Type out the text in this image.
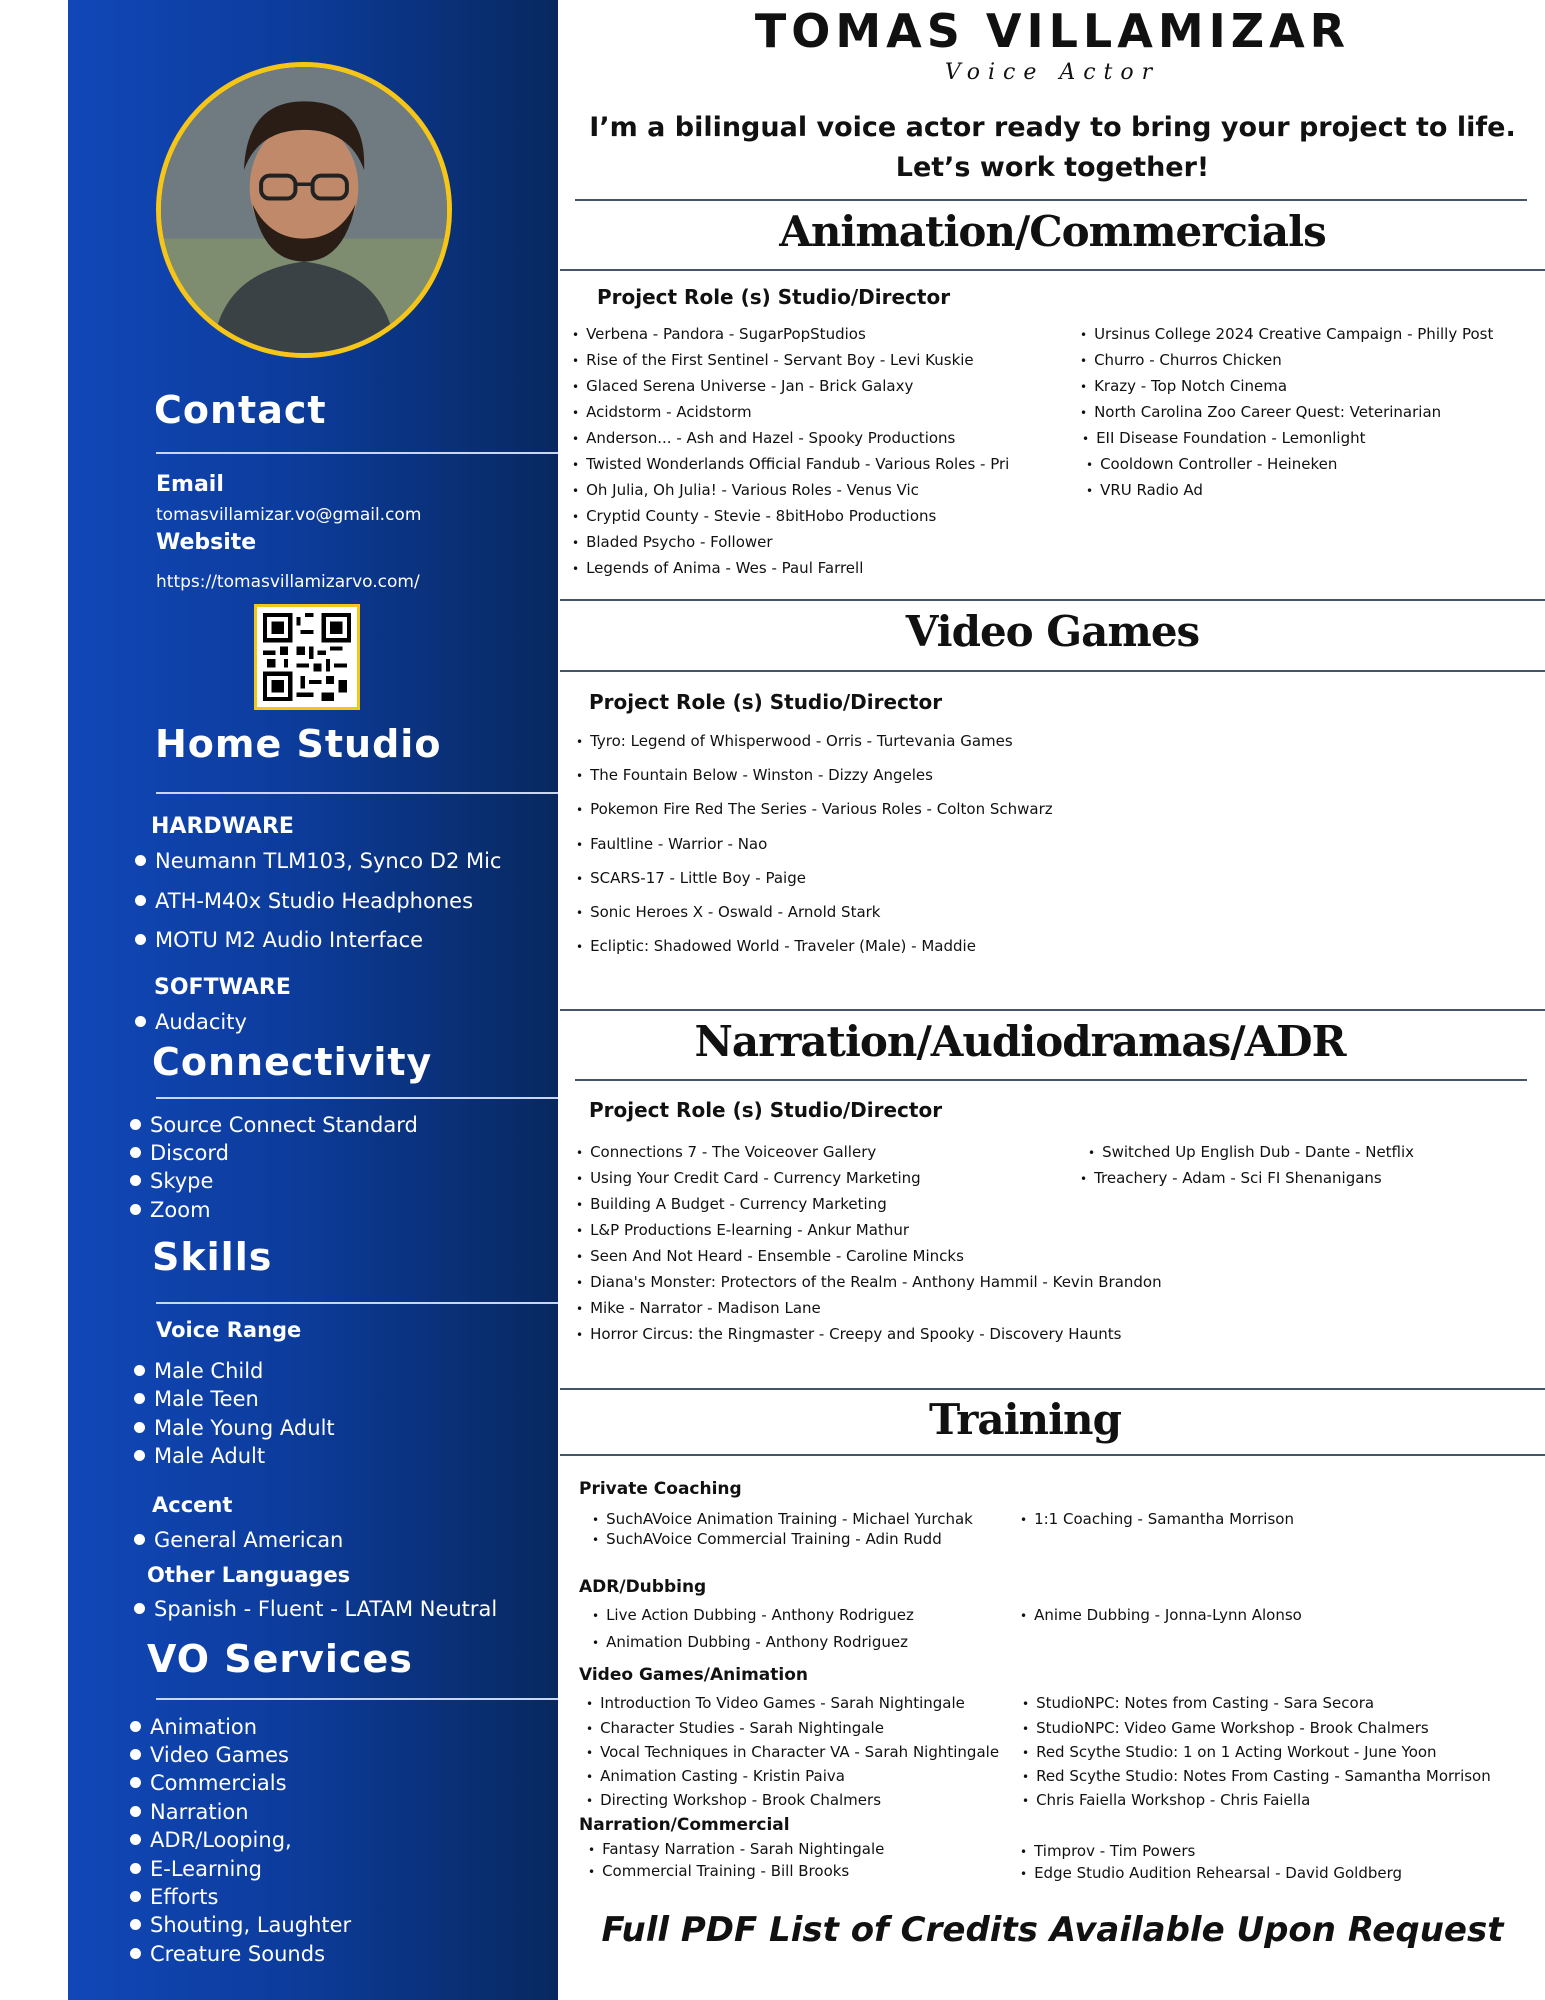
Contact
Email
tomasvillamizar.vo@gmail.com
Website
https://tomasvillamizarvo.com/
Home Studio
HARDWARE
Neumann TLM103, Synco D2 Mic
ATH-M40x Studio Headphones
MOTU M2 Audio Interface
SOFTWARE
Audacity
Connectivity
Source Connect Standard
Discord
Skype
Zoom
Skills
Voice Range
Male Child
Male Teen
Male Young Adult
Male Adult
Accent
General American
Other Languages
Spanish - Fluent - LATAM Neutral
VO Services
Animation
Video Games
Commercials
Narration
ADR/Looping,
E-Learning
Efforts
Shouting, Laughter
Creature Sounds
TOMAS VILLAMIZAR
Voice Actor
I’m a bilingual voice actor ready to bring your project to life.
Let’s work together!
Animation/Commercials
Project Role (s) Studio/Director
• Verbena - Pandora - SugarPopStudios
• Rise of the First Sentinel - Servant Boy - Levi Kuskie
• Glaced Serena Universe - Jan - Brick Galaxy
• Acidstorm - Acidstorm
• Anderson... - Ash and Hazel - Spooky Productions
• Twisted Wonderlands Official Fandub - Various Roles - Pri
• Oh Julia, Oh Julia! - Various Roles - Venus Vic
• Cryptid County - Stevie - 8bitHobo Productions
• Bladed Psycho - Follower
• Legends of Anima - Wes - Paul Farrell
• Ursinus College 2024 Creative Campaign - Philly Post
• Churro - Churros Chicken
• Krazy - Top Notch Cinema
• North Carolina Zoo Career Quest: Veterinarian
• EII Disease Foundation - Lemonlight
• Cooldown Controller - Heineken
• VRU Radio Ad
Video Games
Project Role (s) Studio/Director
• Tyro: Legend of Whisperwood - Orris - Turtevania Games
• The Fountain Below - Winston - Dizzy Angeles
• Pokemon Fire Red The Series - Various Roles - Colton Schwarz
• Faultline - Warrior - Nao
• SCARS-17 - Little Boy - Paige
• Sonic Heroes X - Oswald - Arnold Stark
• Ecliptic: Shadowed World - Traveler (Male) - Maddie
Narration/Audiodramas/ADR
Project Role (s) Studio/Director
• Connections 7 - The Voiceover Gallery
• Using Your Credit Card - Currency Marketing
• Building A Budget - Currency Marketing
• L&P Productions E-learning - Ankur Mathur
• Seen And Not Heard - Ensemble - Caroline Mincks
• Diana's Monster: Protectors of the Realm - Anthony Hammil - Kevin Brandon
• Mike - Narrator - Madison Lane
• Horror Circus: the Ringmaster - Creepy and Spooky - Discovery Haunts
• Switched Up English Dub - Dante - Netflix
• Treachery - Adam - Sci FI Shenanigans
Training
Private Coaching
• SuchAVoice Animation Training - Michael Yurchak
• SuchAVoice Commercial Training - Adin Rudd
• 1:1 Coaching - Samantha Morrison
ADR/Dubbing
• Live Action Dubbing - Anthony Rodriguez
• Animation Dubbing - Anthony Rodriguez
• Anime Dubbing - Jonna-Lynn Alonso
Video Games/Animation
• Introduction To Video Games - Sarah Nightingale
• Character Studies - Sarah Nightingale
• Vocal Techniques in Character VA - Sarah Nightingale
• Animation Casting - Kristin Paiva
• Directing Workshop - Brook Chalmers
• StudioNPC: Notes from Casting - Sara Secora
• StudioNPC: Video Game Workshop - Brook Chalmers
• Red Scythe Studio: 1 on 1 Acting Workout - June Yoon
• Red Scythe Studio: Notes From Casting - Samantha Morrison
• Chris Faiella Workshop - Chris Faiella
Narration/Commercial
• Fantasy Narration - Sarah Nightingale
• Commercial Training - Bill Brooks
• Timprov - Tim Powers
• Edge Studio Audition Rehearsal - David Goldberg
Full PDF List of Credits Available Upon Request
